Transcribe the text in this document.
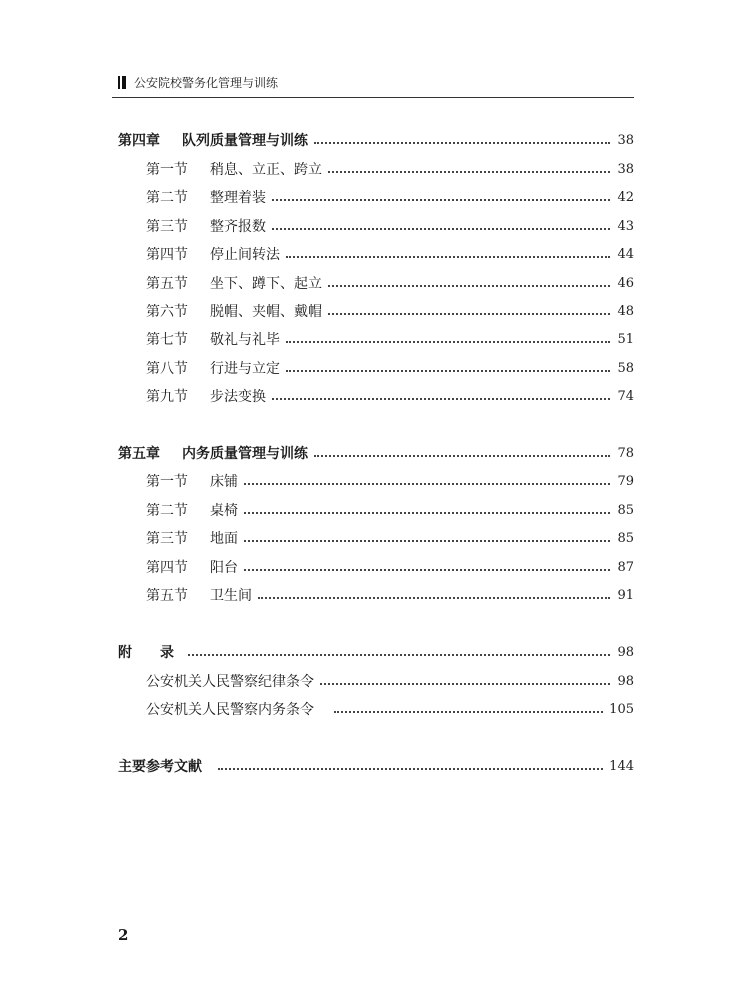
公安院校警务化管理与训练
第四章	队列质量管理与训练	38
第一节	稍息、立正、跨立	38
第二节	整理着装	42
第三节	整齐报数	43
第四节	停止间转法	44
第五节	坐下、蹲下、起立	46
第六节	脱帽、夹帽、戴帽	48
第七节	敬礼与礼毕	51
第八节	行进与立定	58
第九节	步法变换	74
第五章	内务质量管理与训练	78
第一节	床铺	79
第二节	桌椅	85
第三节	地面	85
第四节	阳台	87
第五节	卫生间	91
附录	98
公安机关人民警察纪律条令	98
公安机关人民警察内务条令	105
主要参考文献	144
2
